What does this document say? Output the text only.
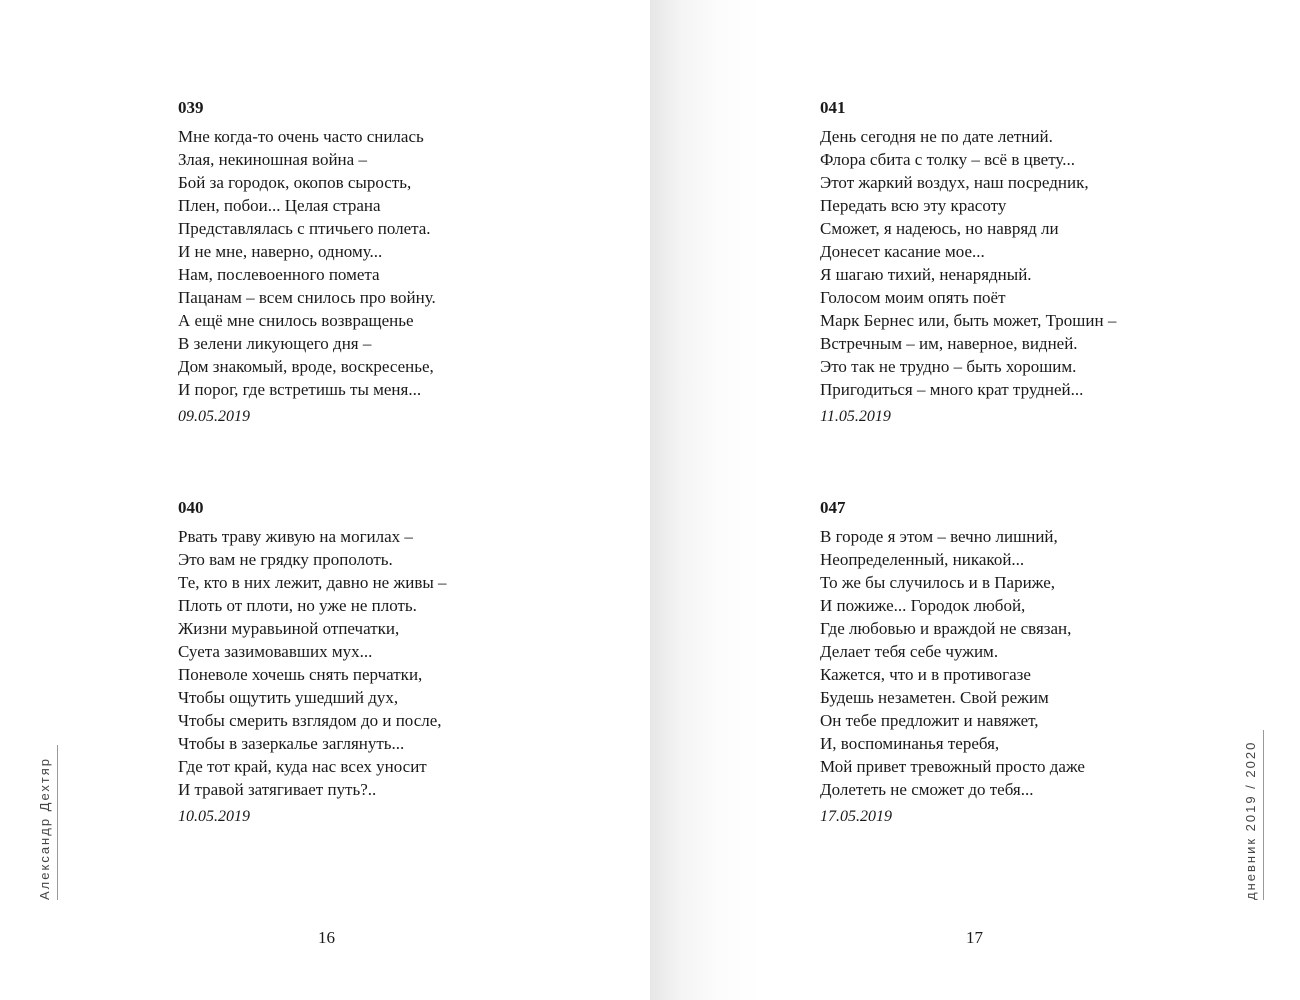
039
Мне когда-то очень часто снилась
Злая, некиношная война –
Бой за городок, окопов сырость,
Плен, побои... Целая страна
Представлялась с птичьего полета.
И не мне, наверно, одному...
Нам, послевоенного помета
Пацанам – всем снилось про войну.
А ещё мне снилось возвращенье
В зелени ликующего дня –
Дом знакомый, вроде, воскресенье,
И порог, где встретишь ты меня...
09.05.2019
040
Рвать траву живую на могилах –
Это вам не грядку прополоть.
Те, кто в них лежит, давно не живы –
Плоть от плоти, но уже не плоть.
Жизни муравьиной отпечатки,
Суета зазимовавших мух...
Поневоле хочешь снять перчатки,
Чтобы ощутить ушедший дух,
Чтобы смерить взглядом до и после,
Чтобы в зазеркалье заглянуть...
Где тот край, куда нас всех уносит
И травой затягивает путь?..
10.05.2019
Александр Дехтяр
16
041
День сегодня не по дате летний.
Флора сбита с толку – всё в цвету...
Этот жаркий воздух, наш посредник,
Передать всю эту красоту
Сможет, я надеюсь, но навряд ли
Донесет касание мое...
Я шагаю тихий, ненарядный.
Голосом моим опять поёт
Марк Бернес или, быть может, Трошин –
Встречным – им, наверное, видней.
Это так не трудно – быть хорошим.
Пригодиться – много крат трудней...
11.05.2019
047
В городе я этом – вечно лишний,
Неопределенный, никакой...
То же бы случилось и в Париже,
И пожиже... Городок любой,
Где любовью и враждой не связан,
Делает тебя себе чужим.
Кажется, что и в противогазе
Будешь незаметен. Свой режим
Он тебе предложит и навяжет,
И, воспоминанья теребя,
Мой привет тревожный просто даже
Долететь не сможет до тебя...
17.05.2019	дневник 2019 / 2020
17
